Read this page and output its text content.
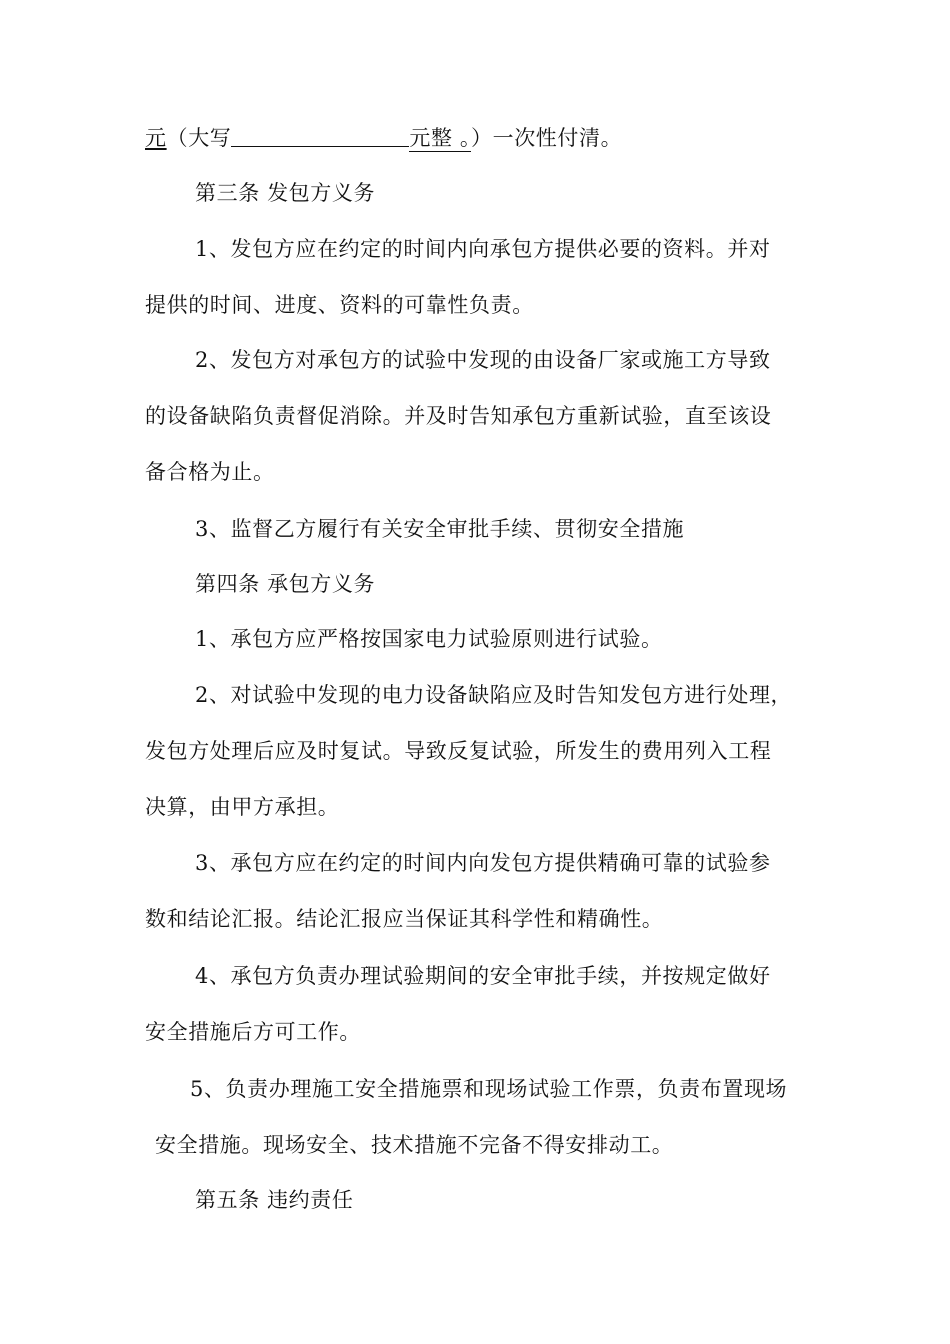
元（大写	元整 。）一次性付清。
第三条 发包方义务
1、发包方应在约定的时间内向承包方提供必要的资料。并对
提供的时间、进度、资料的可靠性负责。
2、发包方对承包方的试验中发现的由设备厂家或施工方导致
的设备缺陷负责督促消除。并及时告知承包方重新试验，直至该设
备合格为止。
3、监督乙方履行有关安全审批手续、贯彻安全措施
第四条 承包方义务
1、承包方应严格按国家电力试验原则进行试验。
2、对试验中发现的电力设备缺陷应及时告知发包方进行处理，
发包方处理后应及时复试。导致反复试验，所发生的费用列入工程
决算，由甲方承担。
3、承包方应在约定的时间内向发包方提供精确可靠的试验参
数和结论汇报。结论汇报应当保证其科学性和精确性。
4、承包方负责办理试验期间的安全审批手续，并按规定做好
安全措施后方可工作。
5、负责办理施工安全措施票和现场试验工作票，负责布置现场
安全措施。现场安全、技术措施不完备不得安排动工。
第五条 违约责任
